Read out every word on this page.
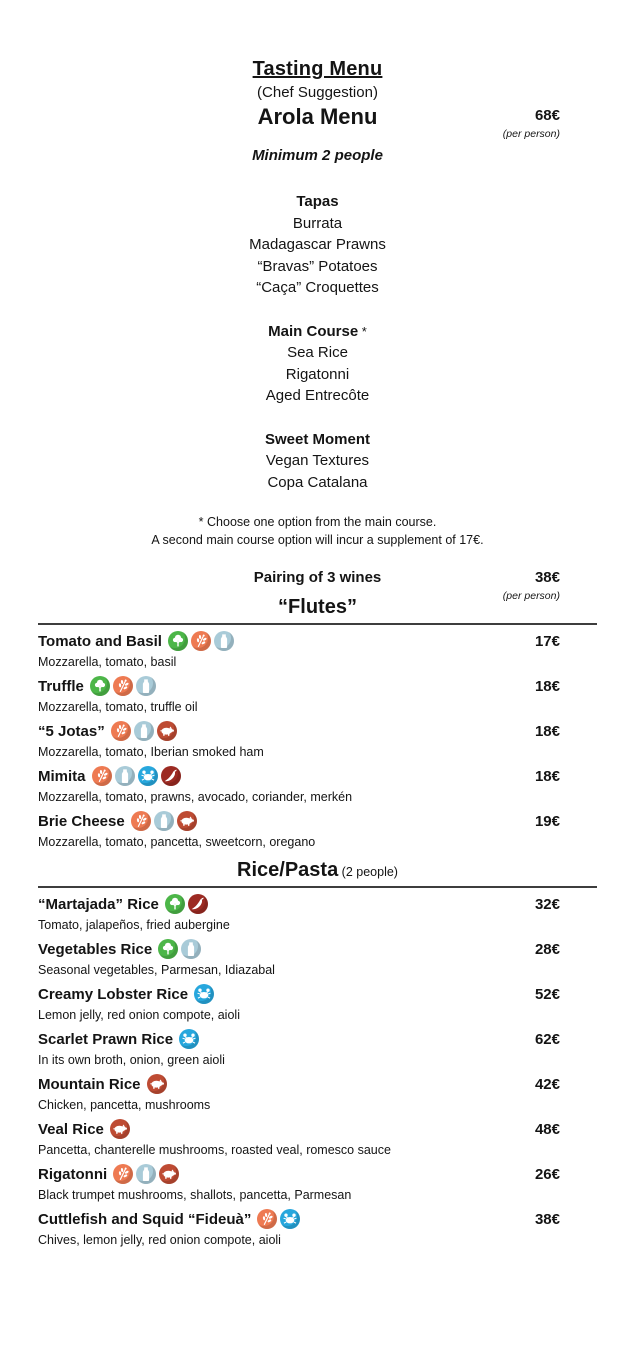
Tasting Menu
(Chef Suggestion)
Arola Menu	68€
(per person)
Minimum 2 people
Tapas
Burrata
Madagascar Prawns
“Bravas” Potatoes
“Caça” Croquettes
Main Course *
Sea Rice
Rigatonni
Aged Entrecôte
Sweet Moment
Vegan Textures
Copa Catalana
* Choose one option from the main course.
A second main course option will incur a supplement of 17€.
Pairing of 3 wines	38€
(per person)
“Flutes”
Tomato and Basil	17€
Mozzarella, tomato, basil
Truffle	18€
Mozzarella, tomato, truffle oil
“5 Jotas”	18€
Mozzarella, tomato, Iberian smoked ham
Mimita	18€
Mozzarella, tomato, prawns, avocado, coriander, merkén
Brie Cheese	19€
Mozzarella, tomato, pancetta, sweetcorn, oregano
Rice/Pasta (2 people)
“Martajada” Rice	32€
Tomato, jalapeños, fried aubergine
Vegetables Rice	28€
Seasonal vegetables, Parmesan, Idiazabal
Creamy Lobster Rice	52€
Lemon jelly, red onion compote, aioli
Scarlet Prawn Rice	62€
In its own broth, onion, green aioli
Mountain Rice	42€
Chicken, pancetta, mushrooms
Veal Rice	48€
Pancetta, chanterelle mushrooms, roasted veal, romesco sauce
Rigatonni	26€
Black trumpet mushrooms, shallots, pancetta, Parmesan
Cuttlefish and Squid “Fideuà”	38€
Chives, lemon jelly, red onion compote, aioli
